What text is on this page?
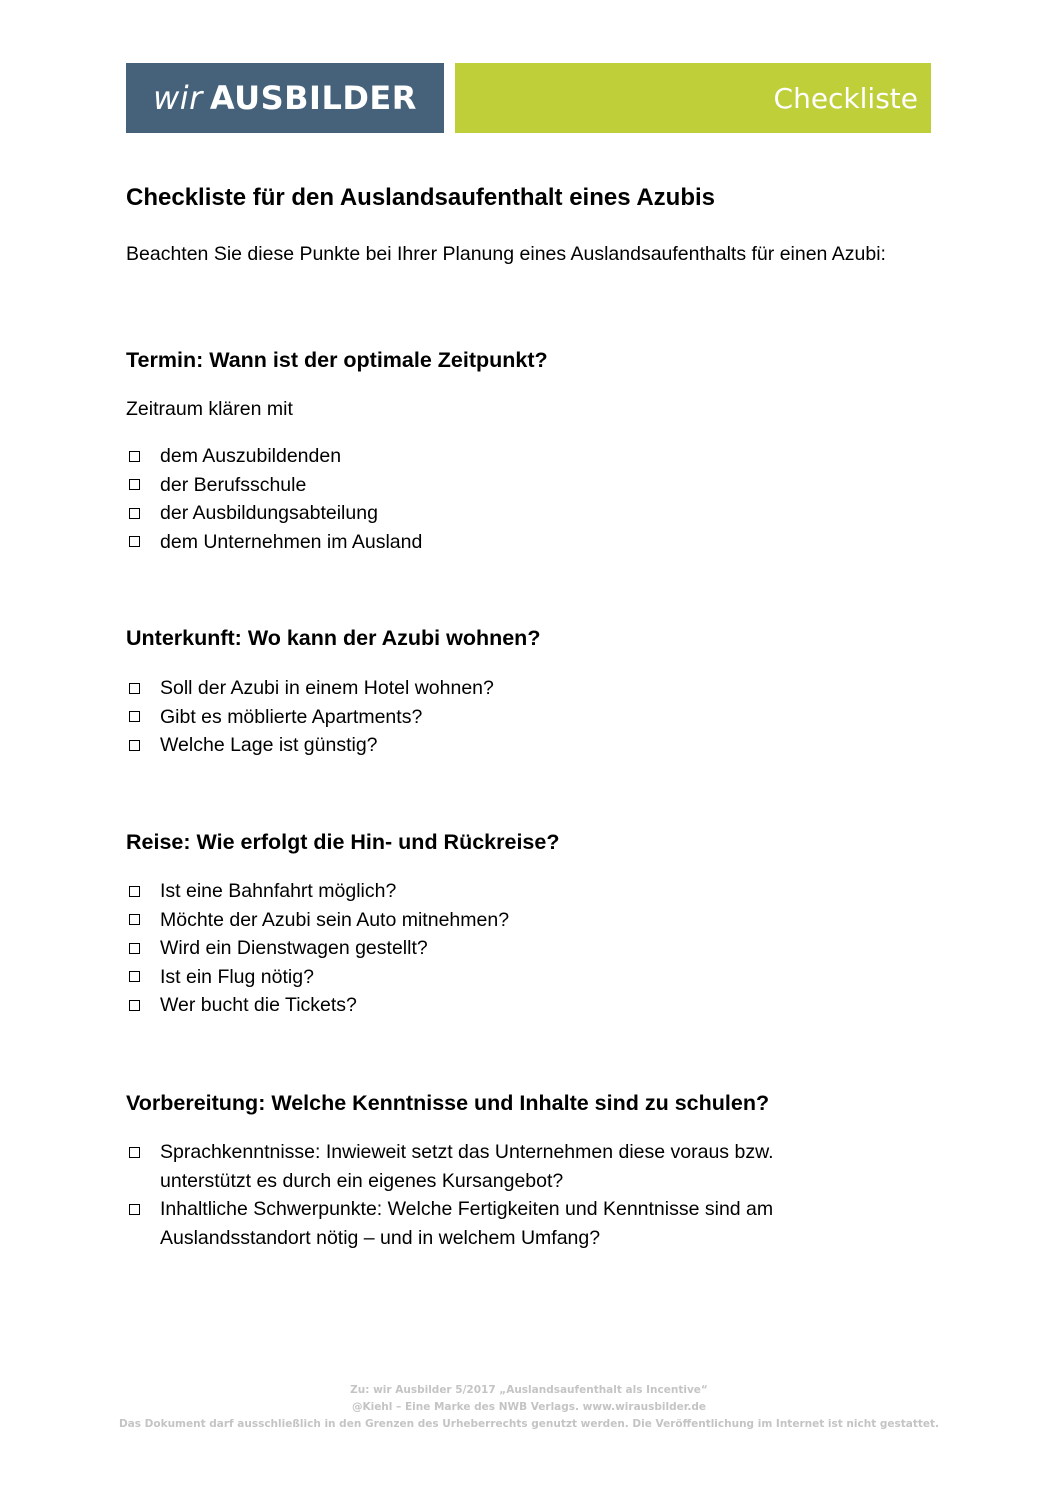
wir AUSBILDER	Checkliste
Checkliste für den Auslandsaufenthalt eines Azubis

Beachten Sie diese Punkte bei Ihrer Planung eines Auslandsaufenthalts für einen Azubi:

Termin: Wann ist der optimale Zeitpunkt?

Zeitraum klären mit

dem Auszubildenden
der Berufsschule
der Ausbildungsabteilung
dem Unternehmen im Ausland
Unterkunft: Wo kann der Azubi wohnen?
Soll der Azubi in einem Hotel wohnen?
Gibt es möblierte Apartments?
Welche Lage ist günstig?
Reise: Wie erfolgt die Hin- und Rückreise?
Ist eine Bahnfahrt möglich?
Möchte der Azubi sein Auto mitnehmen?
Wird ein Dienstwagen gestellt?
Ist ein Flug nötig?
Wer bucht die Tickets?
Vorbereitung: Welche Kenntnisse und Inhalte sind zu schulen?
Sprachkenntnisse: Inwieweit setzt das Unternehmen diese voraus bzw. unterstützt es durch ein eigenes Kursangebot?
Inhaltliche Schwerpunkte: Welche Fertigkeiten und Kenntnisse sind am Auslandsstandort nötig – und in welchem Umfang?

Zu: wir Ausbilder 5/2017 „Auslandsaufenthalt als Incentive“

@Kiehl – Eine Marke des NWB Verlags. www.wirausbilder.de

Das Dokument darf ausschließlich in den Grenzen des Urheberrechts genutzt werden. Die Veröffentlichung im Internet ist nicht gestattet.
